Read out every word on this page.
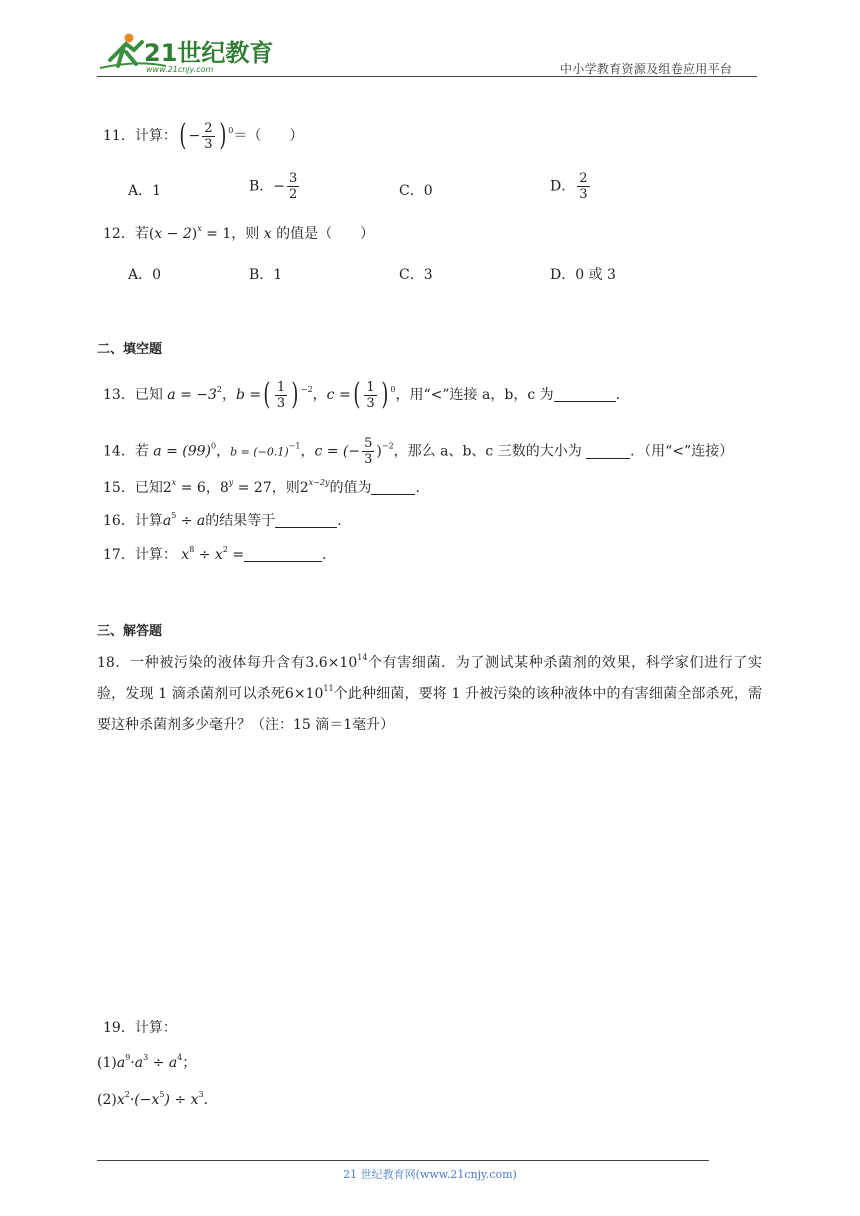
21世纪教育
www.21cnjy.com	中小学教育资源及组卷应用平台
11．计算：( − $\frac{2}{3}$ ) $^0$＝（　　）
A．1	B．− $\frac{3}{2}$	C．0	D． $\frac{2}{3}$
12．若$(x - 2)^x = 1$，则 x 的值是（　　）
A．0	B．1	C．3	D．0 或 3
二、填空题
13．已知 $a = -3^2$，b =( $\frac{1}{3}$ ) $^{-2}$，c =( $\frac{1}{3}$ ) $^0$，用“<”连接 a，b，c 为	．
14．若 $a = (99)^0$，$b = (-0.1)^{-1}$，c = (− $\frac{5}{3} )^{-2}$，那么 a、b、c 三数的大小为	．（用“<”连接）
15．已知$2^x = 6$，$8^y = 27$，则$2^{x-2y}$的值为	．
16．计算$a^5 \div a$的结果等于	．
17．计算： $x^8 \div x^2$ =	．
三、解答题
18．一种被污染的液体每升含有$3.6\times 10^{14}$个有害细菌．为了测试某种杀菌剂的效果，科学家们进行了实验，发现 1 滴杀菌剂可以杀死$6\times 10^{11}$个此种细菌，要将 1 升被污染的该种液体中的有害细菌全部杀死，需要这种杀菌剂多少毫升？（注：15 滴＝1毫升）
19．计算：
$(1)a^9\cdot a^3 \div a^4$；
$(2)x^2\cdot(-x^5) \div x^3$．
21 世纪教育网(www.21cnjy.com)
